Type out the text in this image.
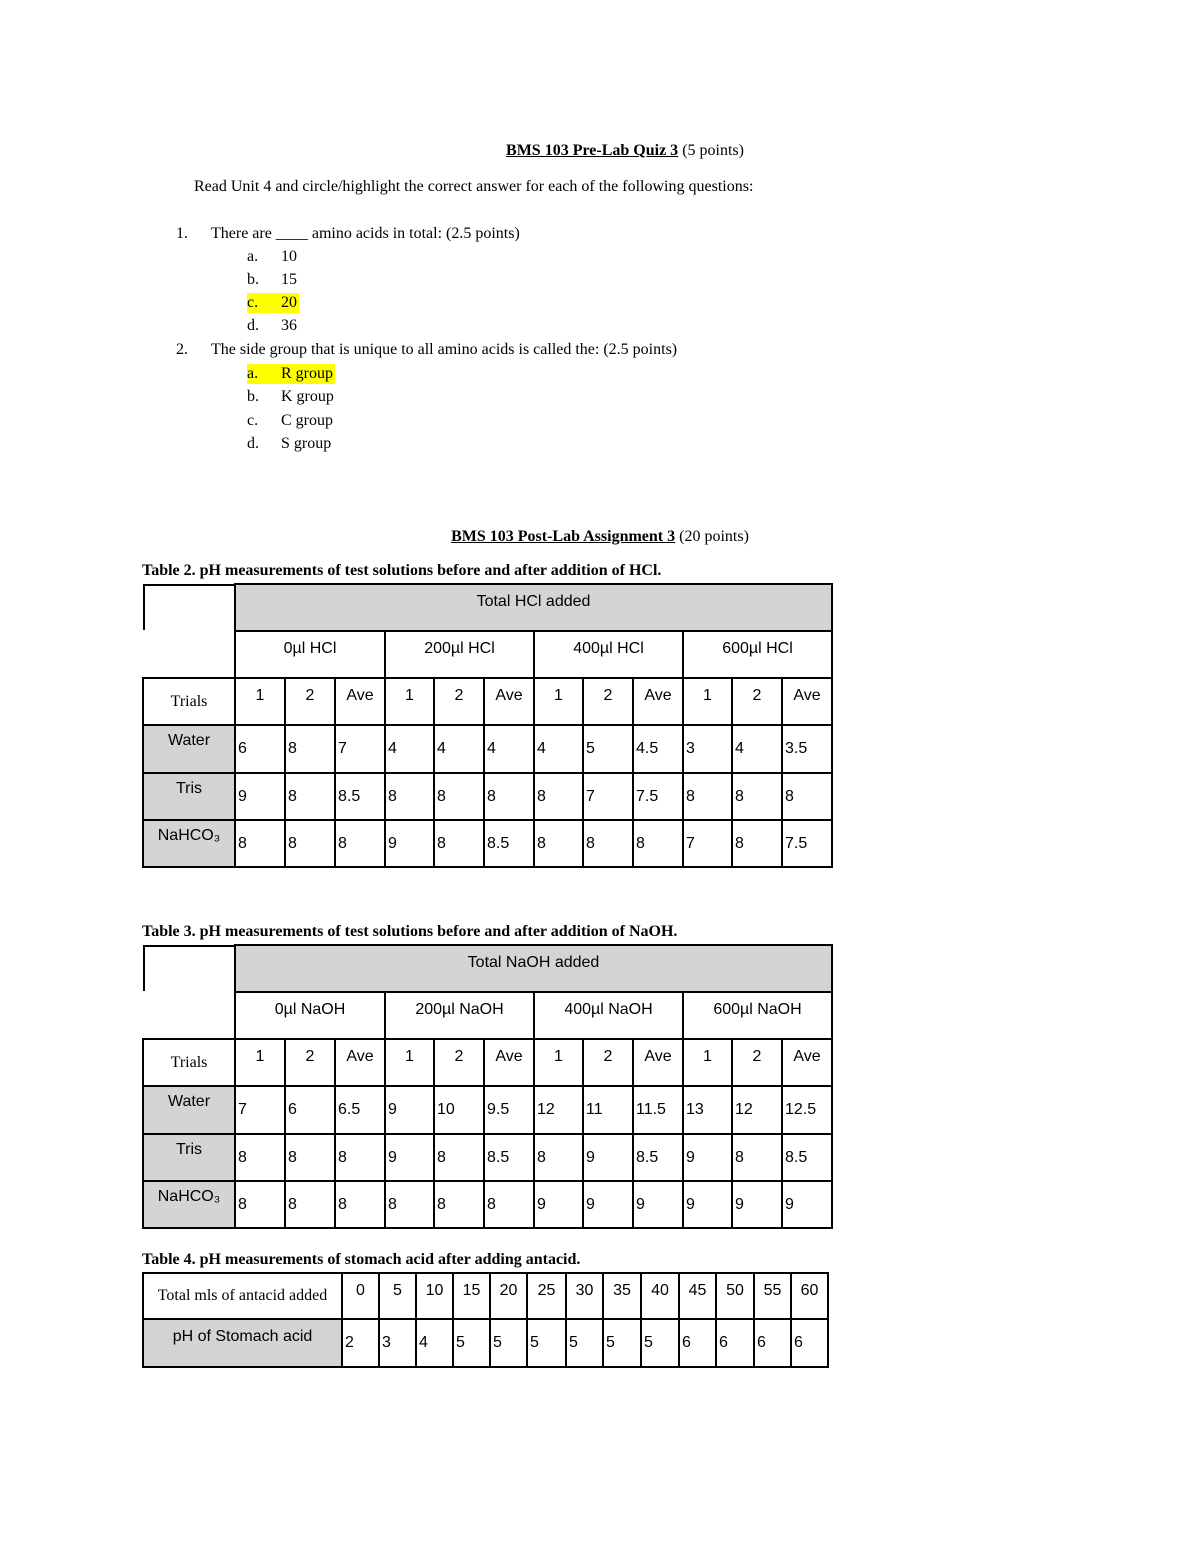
BMS 103 Pre-Lab Quiz 3 (5 points)
Read Unit 4 and circle/highlight the correct answer for each of the following questions:
1. There are ____ amino acids in total: (2.5 points)
a. 10
b. 15
c. 20
d. 36
2. The side group that is unique to all amino acids is called the: (2.5 points)
a. R group
b. K group
c. C group
d. S group
BMS 103 Post-Lab Assignment 3 (20 points)
Table 2. pH measurements of test solutions before and after addition of HCl.
	Total HCl added											
	0µl HCl			200µl HCl			400µl HCl			600µl HCl		
Trials	1	2	Ave	1	2	Ave	1	2	Ave	1	2	Ave
Water	6	8	7	4	4	4	4	5	4.5	3	4	3.5
Tris	9	8	8.5	8	8	8	8	7	7.5	8	8	8
NaHCO₃	8	8	8	9	8	8.5	8	8	8	7	8	7.5
Table 3. pH measurements of test solutions before and after addition of NaOH.
	Total NaOH added											
	0µl NaOH			200µl NaOH			400µl NaOH			600µl NaOH		
Trials	1	2	Ave	1	2	Ave	1	2	Ave	1	2	Ave
Water	7	6	6.5	9	10	9.5	12	11	11.5	13	12	12.5
Tris	8	8	8	9	8	8.5	8	9	8.5	9	8	8.5
NaHCO₃	8	8	8	8	8	8	9	9	9	9	9	9
Table 4. pH measurements of stomach acid after adding antacid.
Total mls of antacid added	0	5	10	15	20	25	30	35	40	45	50	55	60
pH of Stomach acid	2	3	4	5	5	5	5	5	5	6	6	6	6
